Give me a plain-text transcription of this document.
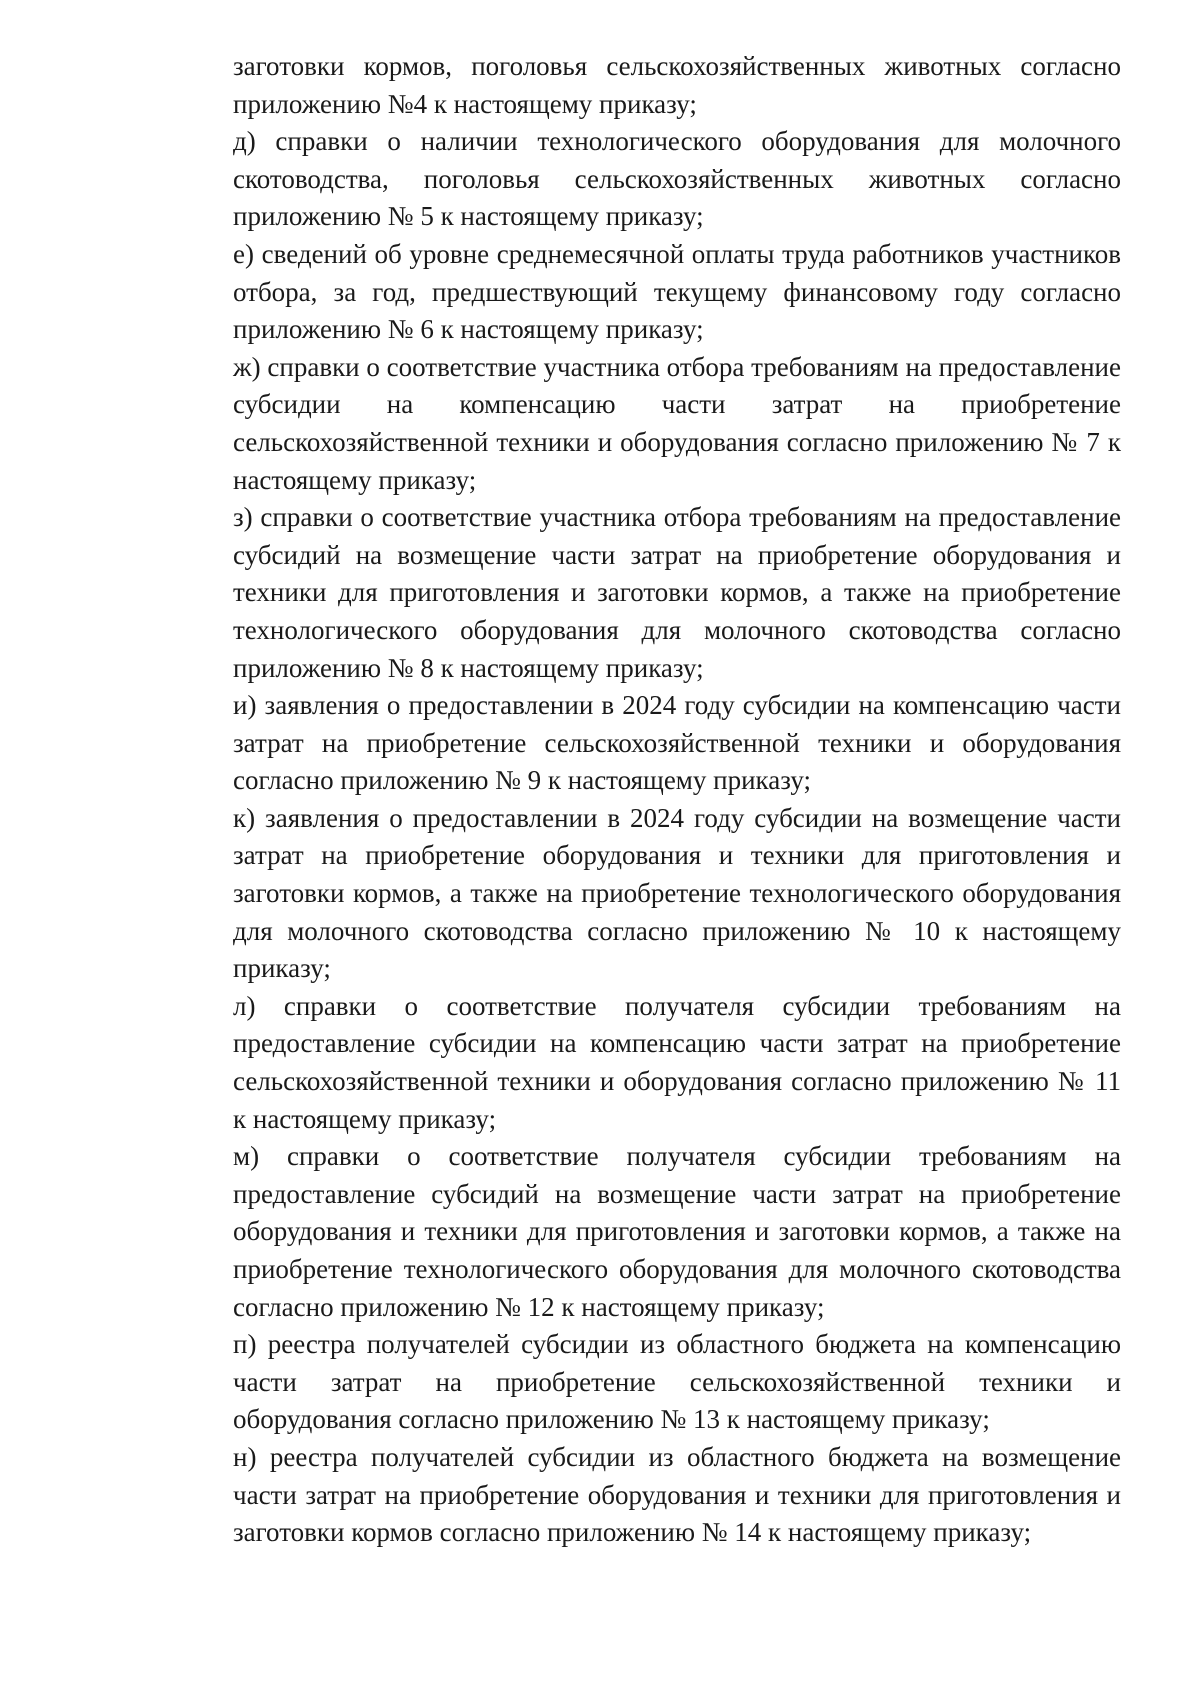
заготовки кормов, поголовья сельскохозяйственных животных согласно приложению №4 к настоящему приказу;

д) справки о наличии технологического оборудования для молочного скотоводства, поголовья сельскохозяйственных животных согласно приложению № 5 к настоящему приказу;

е) сведений об уровне среднемесячной оплаты труда работников участников отбора, за год, предшествующий текущему финансовому году согласно приложению № 6 к настоящему приказу;

ж) справки о соответствие участника отбора требованиям на предоставление субсидии на компенсацию части затрат на приобретение сельскохозяйственной техники и оборудования согласно приложению № 7 к настоящему приказу;

з) справки о соответствие участника отбора требованиям на предоставление субсидий на возмещение части затрат на приобретение оборудования и техники для приготовления и заготовки кормов, а также на приобретение технологического оборудования для молочного скотоводства согласно приложению № 8 к настоящему приказу;

и) заявления о предоставлении в 2024 году субсидии на компенсацию части затрат на приобретение сельскохозяйственной техники и оборудования согласно приложению № 9 к настоящему приказу;

к) заявления о предоставлении в 2024 году субсидии на возмещение части затрат на приобретение оборудования и техники для приготовления и заготовки кормов, а также на приобретение технологического оборудования для молочного скотоводства согласно приложению № 10 к настоящему приказу;

л) справки о соответствие получателя субсидии требованиям на предоставление субсидии на компенсацию части затрат на приобретение сельскохозяйственной техники и оборудования согласно приложению № 11 к настоящему приказу;

м) справки о соответствие получателя субсидии требованиям на предоставление субсидий на возмещение части затрат на приобретение оборудования и техники для приготовления и заготовки кормов, а также на приобретение технологического оборудования для молочного скотоводства согласно приложению № 12 к настоящему приказу;

п) реестра получателей субсидии из областного бюджета на компенсацию части затрат на приобретение сельскохозяйственной техники и оборудования согласно приложению № 13 к настоящему приказу;

н) реестра получателей субсидии из областного бюджета на возмещение части затрат на приобретение оборудования и техники для приготовления и заготовки кормов согласно приложению № 14 к настоящему приказу;
